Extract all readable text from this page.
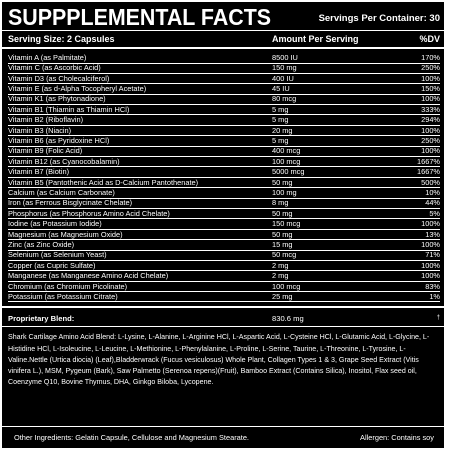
SUPPPLEMENTAL FACTS	Servings Per Container: 30
Serving Size: 2 Capsules	Amount Per Serving	%DV
Vitamin A (as Palmitate)	8500 IU	170%
Vitamin C (as Ascorbic Acid)	150 mg	250%
Vitamin D3 (as Cholecalciferol)	400 IU	100%
Vitamin E (as d-Alpha Tocopheryl Acetate)	45 IU	150%
Vitamin K1 (as Phytonadione)	80 mcg	100%
Vitamin B1 (Thiamin as Thiamin HCl)	5 mg	333%
Vitamin B2 (Riboflavin)	5 mg	294%
Vitamin B3 (Niacin)	20 mg	100%
Vitamin B6 (as Pyridoxine HCl)	5 mg	250%
Vitamin B9 (Folic Acid)	400 mcg	100%
Vitamin B12 (as Cyanocobalamin)	100 mcg	1667%
Vitamin B7 (Biotin)	5000 mcg	1667%
Vitamin B5 (Pantothenic Acid as D-Calcium Pantothenate)	50 mg	500%
Calcium (as Calcium Carbonate)	100 mg	10%
Iron (as Ferrous Bisglycinate Chelate)	8 mg	44%
Phosphorus (as Phosphorus Amino Acid Chelate)	50 mg	5%
Iodine (as Potassium Iodide)	150 mcg	100%
Magnesium (as Magnesium Oxide)	50 mg	13%
Zinc (as Zinc Oxide)	15 mg	100%
Selenium (as Selenium Yeast)	50 mcg	71%
Copper (as Cupric Sulfate)	2 mg	100%
Manganese (as Manganese Amino Acid Chelate)	2 mg	100%
Chromium (as Chromium Picolinate)	100 mcg	83%
Potassium (as Potassium Citrate)	25 mg	1%
Proprietary Blend:	830.6 mg	†
Shark Cartilage Amino Acid Blend: L-Lysine, L-Alanine, L-Arginine HCl, L-Aspartic Acid, L-Cysteine HCl, L-Glutamic Acid, L-Glycine, L-Histidine HCl, L-Isoleucine, L-Leucine, L-Methionine, L-Phenylalanine, L-Proline, L-Serine, Taurine, L-Threonine, L-Tyrosine, L-Valine.Nettle (Urtica diocia) (Leaf),Bladderwrack (Fucus vesiculosus) Whole Plant, Collagen Types 1 & 3, Grape Seed Extract (Vitis vinifera L.), MSM, Pygeum (Bark), Saw Palmetto (Serenoa repens)(Fruit), Bamboo Extract (Contains Silica), Inositol, Flax seed oil, Coenzyme Q10, Bovine Thymus, DHA, Ginkgo Biloba, Lycopene.
Other Ingredients: Gelatin Capsule, Cellulose and Magnesium Stearate.	Allergen: Contains soy
